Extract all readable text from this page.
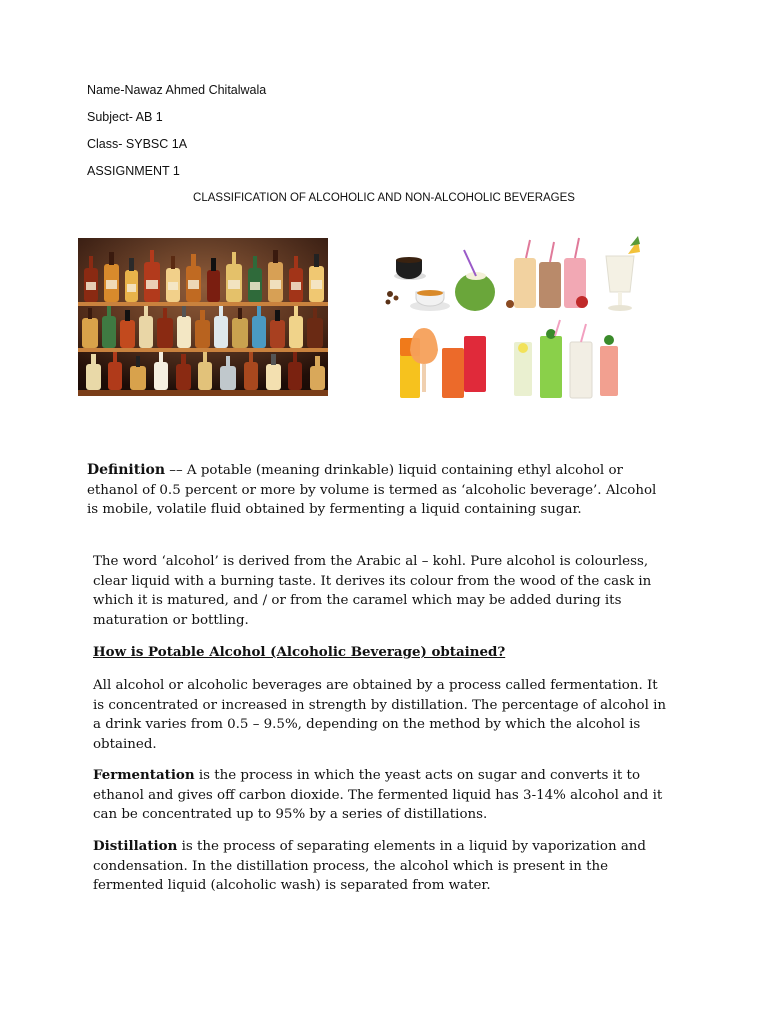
Name-Nawaz Ahmed Chitalwala

Subject- AB 1

Class- SYBSC 1A

ASSIGNMENT 1

CLASSIFICATION OF ALCOHOLIC AND NON-ALCOHOLIC BEVERAGES

Definition –– A potable (meaning drinkable) liquid containing ethyl alcohol or ethanol of 0.5 percent or more by volume is termed as ‘alcoholic beverage’. Alcohol is mobile, volatile fluid obtained by fermenting a liquid containing sugar.

The word ‘alcohol’ is derived from the Arabic al – kohl. Pure alcohol is colourless, clear liquid with a burning taste. It derives its colour from the wood of the cask in which it is matured, and / or from the caramel which may be added during its maturation or bottling.

How is Potable Alcohol (Alcoholic Beverage) obtained?

All alcohol or alcoholic beverages are obtained by a process called fermentation. It is concentrated or increased in strength by distillation. The percentage of alcohol in a drink varies from 0.5 – 9.5%, depending on the method by which the alcohol is obtained.

Fermentation is the process in which the yeast acts on sugar and converts it to ethanol and gives off carbon dioxide. The fermented liquid has 3-14% alcohol and it can be concentrated up to 95% by a series of distillations.

Distillation is the process of separating elements in a liquid by vaporization and condensation. In the distillation process, the alcohol which is present in the fermented liquid (alcoholic wash) is separated from water.
